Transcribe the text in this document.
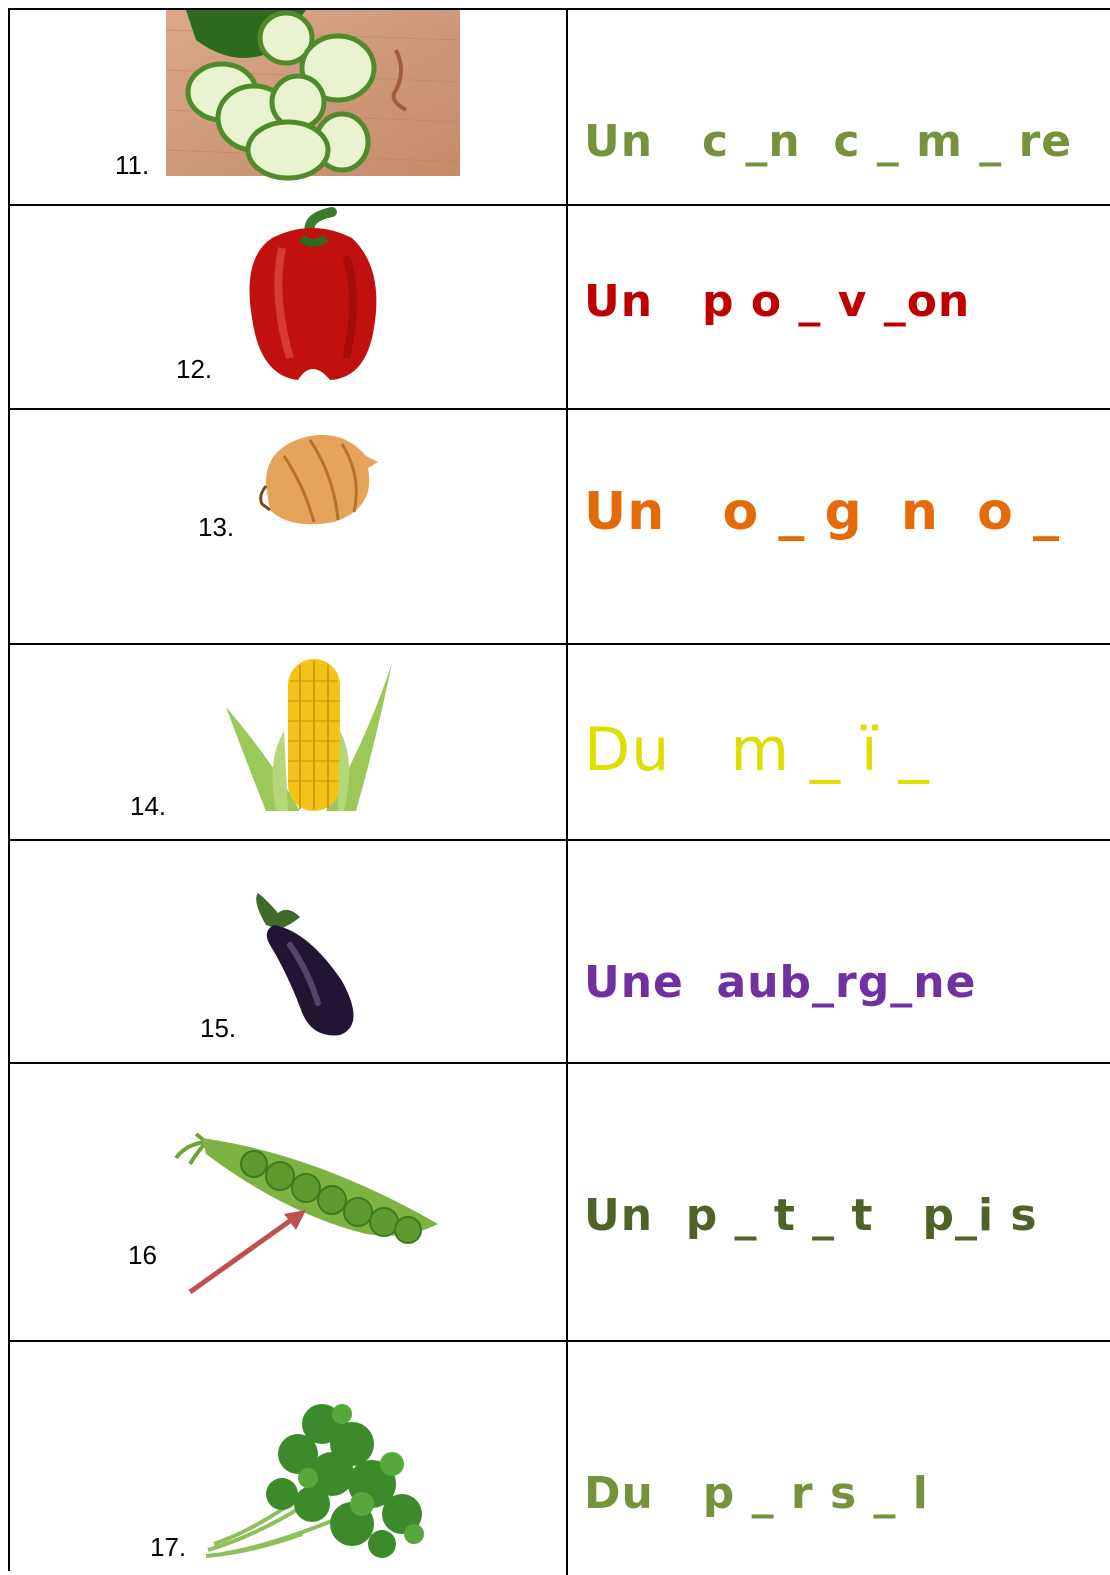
11.	Un   c _n  c _ m _ re
12.
Un   p o _ v _on
13.	Un   o _ g  n  o _
14.
Du   m _ ï _
15.
Une  aub_rg_ne
16
Un  p _ t _ t   p_i s
17.
Du   p _ r s _ l
